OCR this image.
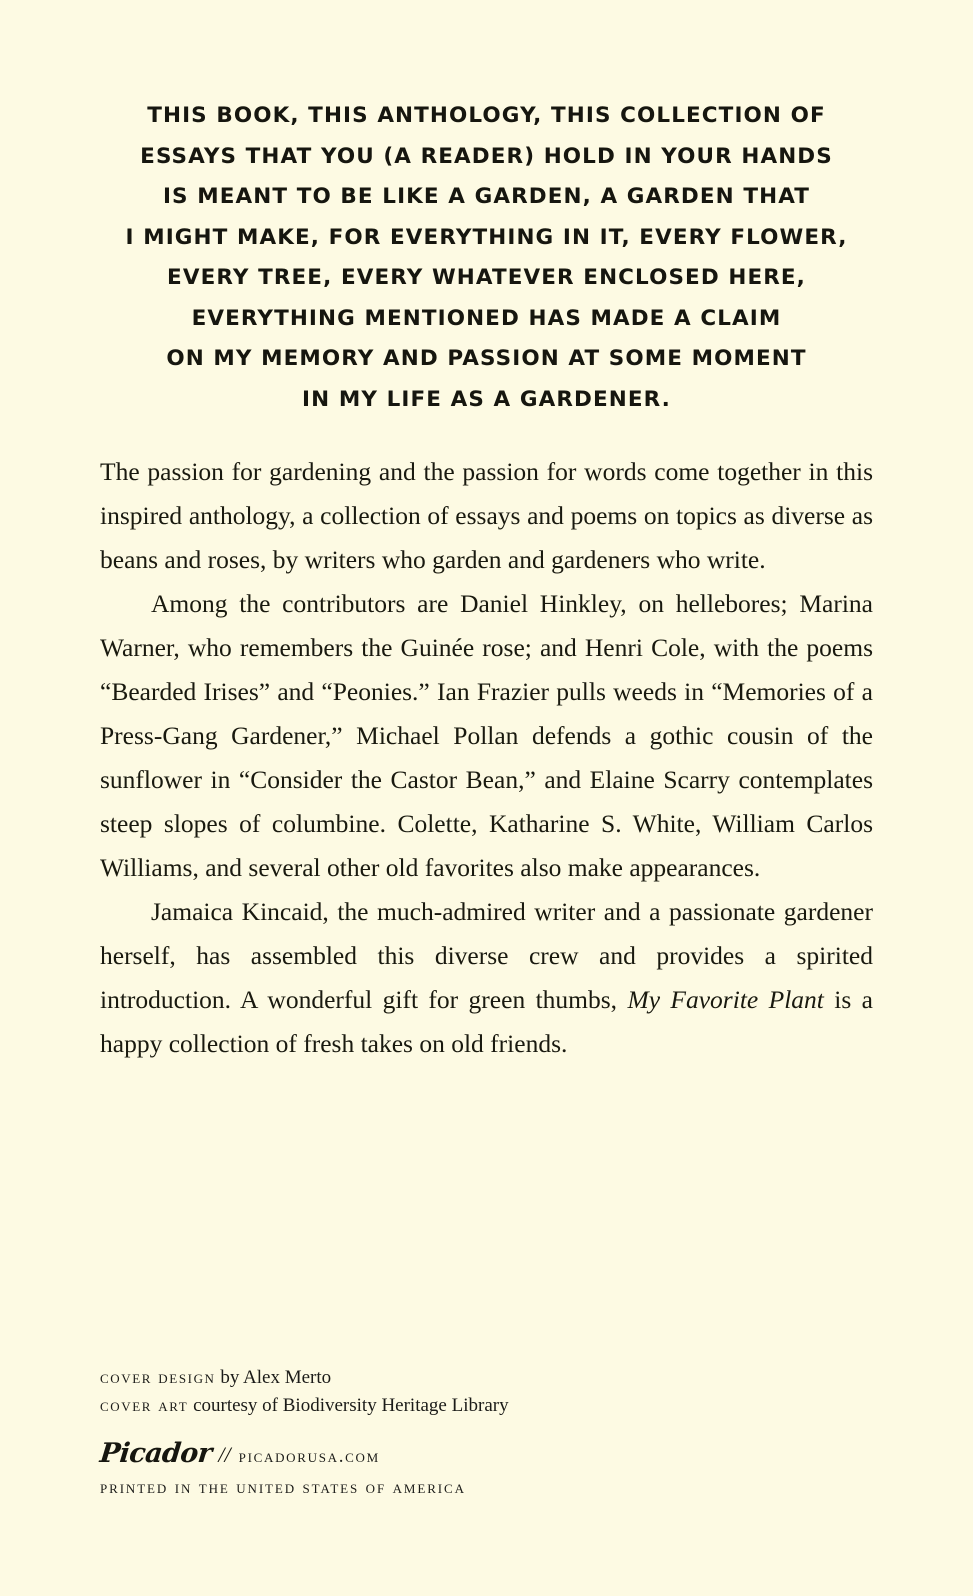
THIS BOOK, THIS ANTHOLOGY, THIS COLLECTION OF
ESSAYS THAT YOU (A READER) HOLD IN YOUR HANDS
IS MEANT TO BE LIKE A GARDEN, A GARDEN THAT
I MIGHT MAKE, FOR EVERYTHING IN IT, EVERY FLOWER,
EVERY TREE, EVERY WHATEVER ENCLOSED HERE,
EVERYTHING MENTIONED HAS MADE A CLAIM
ON MY MEMORY AND PASSION AT SOME MOMENT
IN MY LIFE AS A GARDENER.

The passion for gardening and the passion for words come together in this inspired anthology, a collection of essays and poems on topics as diverse as beans and roses, by writers who garden and gardeners who write.

Among the contributors are Daniel Hinkley, on hellebores; Marina Warner, who remembers the Guinée rose; and Henri Cole, with the poems “Bearded Irises” and “Peonies.” Ian Frazier pulls weeds in “Memories of a Press-Gang Gardener,” Michael Pollan defends a gothic cousin of the sunflower in “Consider the Castor Bean,” and Elaine Scarry contemplates steep slopes of columbine. Colette, Katharine S. White, William Carlos Williams, and several other old favorites also make appearances.

Jamaica Kincaid, the much-admired writer and a passionate gardener herself, has assembled this diverse crew and provides a spirited introduction. A wonderful gift for green thumbs, My Favorite Plant is a happy collection of fresh takes on old friends.

cover design by Alex Merto
cover art courtesy of Biodiversity Heritage Library
Picador // picadorusa.com
printed in the united states of america
